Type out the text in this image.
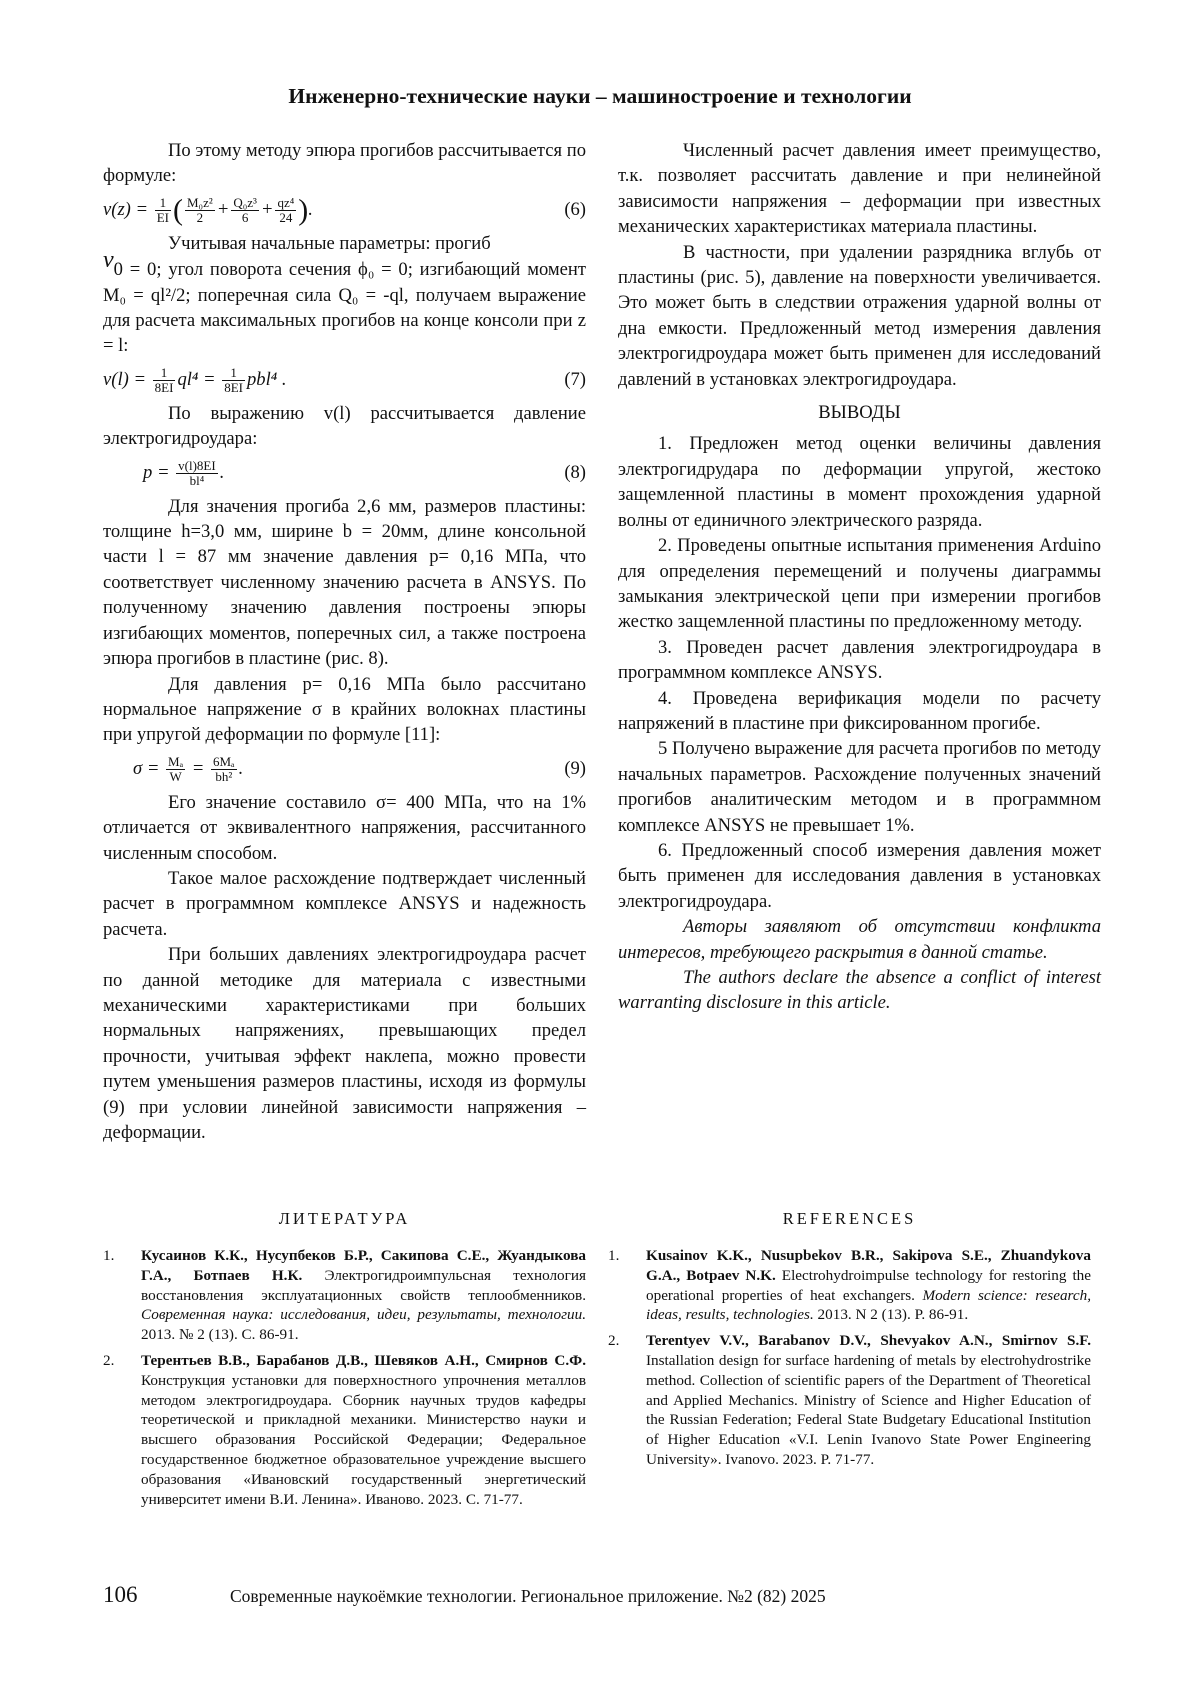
Инженерно-технические науки – машиностроение и технологии

По этому методу эпюра прогибов рассчитывается по формуле:

$v(z) = \frac{1}{EI}$ ( $\frac{\text{M₀z²}}{2} + \frac{\text{Q₀z³}}{6} + \frac{\text{qz⁴}}{24}$ ).	(6)

Учитывая начальные параметры: прогиб

v0 = 0; угол поворота сечения ϕ₀ = 0; изгибающий момент M₀ = ql²/2; поперечная сила Q₀ = -ql, получаем выражение для расчета максимальных прогибов на конце консоли при z = l:

$v(l) = \frac{1}{8EI} ql^4 = \frac{1}{8EI} pbl^4$ .	(7)

По выражению v(l) рассчитывается давление электрогидроудара:

$p = \frac{v(l)8EI}{\text{bl⁴}}$ .	(8)

Для значения прогиба 2,6 мм, размеров пластины: толщине h=3,0 мм, ширине b = 20мм, длине консольной части l = 87 мм значение давления p= 0,16 МПа, что соответствует численному значению расчета в ANSYS. По полученному значению давления построены эпюры изгибающих моментов, поперечных сил, а также построена эпюра прогибов в пластине (рис. 8).

Для давления p= 0,16 МПа было рассчитано нормальное напряжение σ в крайних волокнах пластины при упругой деформации по формуле [11]:

$\sigma = \frac{\text{Mₐ}}{W} = \frac{\text{6Mₐ}}{\text{bh²}}$ .	(9)

Его значение составило σ= 400 МПа, что на 1% отличается от эквивалентного напряжения, рассчитанного численным способом.

Такое малое расхождение подтверждает численный расчет в программном комплексе ANSYS и надежность расчета.

При больших давлениях электрогидроудара расчет по данной методике для материала с известными механическими характеристиками при больших нормальных напряжениях, превышающих предел прочности, учитывая эффект наклепа, можно провести путем уменьшения размеров пластины, исходя из формулы (9) при условии линейной зависимости напряжения – деформации.

Численный расчет давления имеет преимущество, т.к. позволяет рассчитать давление и при нелинейной зависимости напряжения – деформации при известных механических характеристиках материала пластины.

В частности, при удалении разрядника вглубь от пластины (рис. 5), давление на поверхности увеличивается. Это может быть в следствии отражения ударной волны от дна емкости. Предложенный метод измерения давления электрогидроудара может быть применен для исследований давлений в установках электрогидроудара.

ВЫВОДЫ

1. Предложен метод оценки величины давления электрогидрудара по деформации упругой, жестоко защемленной пластины в момент прохождения ударной волны от единичного электрического разряда.

2. Проведены опытные испытания применения Arduino для определения перемещений и получены диаграммы замыкания электрической цепи при измерении прогибов жестко защемленной пластины по предложенному методу.

3. Проведен расчет давления электрогидроудара в программном комплексе ANSYS.

4. Проведена верификация модели по расчету напряжений в пластине при фиксированном прогибе.

5 Получено выражение для расчета прогибов по методу начальных параметров. Расхождение полученных значений прогибов аналитическим методом и в программном комплексе ANSYS не превышает 1%.

6. Предложенный способ измерения давления может быть применен для исследования давления в установках электрогидроудара.

Авторы заявляют об отсутствии конфликта интересов, требующего раскрытия в данной статье.

The authors declare the absence a conflict of interest warranting disclosure in this article.

ЛИТЕРАТУРА
1.	Кусаинов К.К., Нусупбеков Б.Р., Сакипова С.Е., Жуандыкова Г.А., Ботпаев Н.К. Электрогидроимпульсная технология восстановления эксплуатационных свойств теплообменников. Современная наука: исследования, идеи, результаты, технологии. 2013. № 2 (13). С. 86-91.
2.	Терентьев В.В., Барабанов Д.В., Шевяков А.Н., Смирнов С.Ф. Конструкция установки для поверхностного упрочнения металлов методом электрогидроудара. Сборник научных трудов кафедры теоретической и прикладной механики. Министерство науки и высшего образования Российской Федерации; Федеральное государственное бюджетное образовательное учреждение высшего образования «Ивановский государственный энергетический университет имени В.И. Ленина». Иваново. 2023. С. 71-77.
REFERENCES
1.	Kusainov K.K., Nusupbekov B.R., Sakipova S.E., Zhuandykova G.A., Botpaev N.K. Electrohydroimpulse technology for restoring the operational properties of heat exchangers. Modern science: research, ideas, results, technologies. 2013. N 2 (13). P. 86-91.
2.	Terentyev V.V., Barabanov D.V., Shevyakov A.N., Smirnov S.F. Installation design for surface hardening of metals by electrohydrostrike method. Collection of scientific papers of the Department of Theoretical and Applied Mechanics. Ministry of Science and Higher Education of the Russian Federation; Federal State Budgetary Educational Institution of Higher Education «V.I. Lenin Ivanovo State Power Engineering University». Ivanovo. 2023. P. 71-77.
106	Современные наукоёмкие технологии. Региональное приложение. №2 (82) 2025
